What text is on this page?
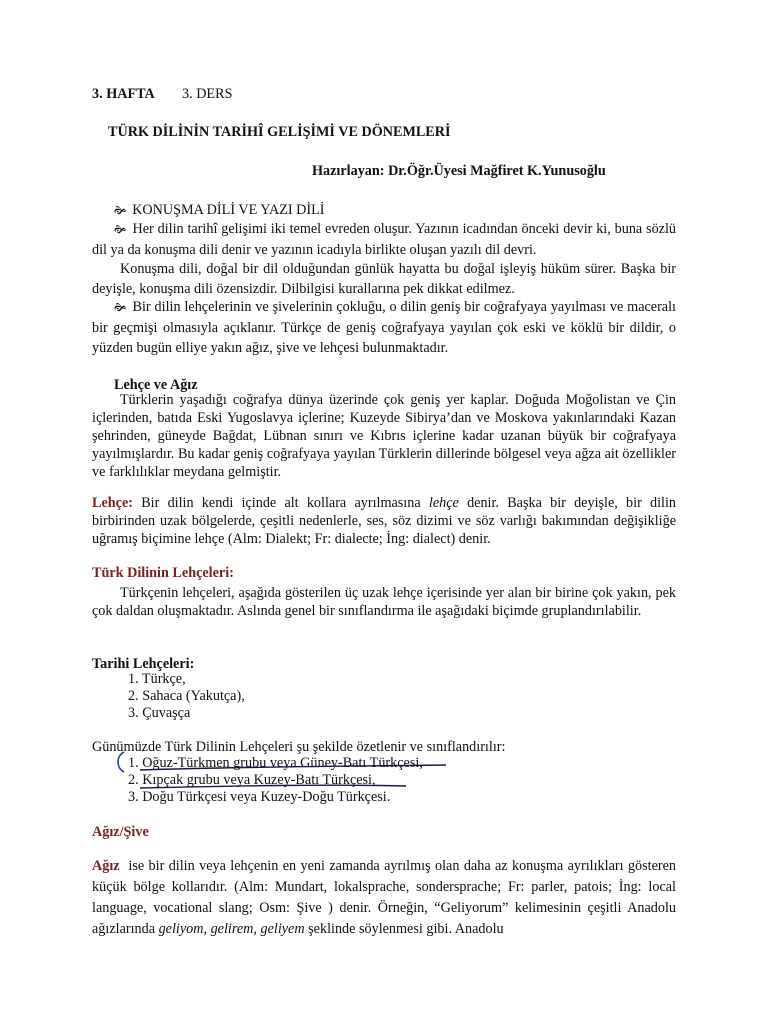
3. HAFTA 3. DERS
TÜRK DİLİNİN TARİHÎ GELİŞİMİ VE DÖNEMLERİ
Hazırlayan: Dr.Öğr.Üyesi Mağfiret K.Yunusoğlu
🙞 KONUŞMA DİLİ VE YAZI DİLİ
🙞 Her dilin tarihî gelişimi iki temel evreden oluşur. Yazının icadından önceki devir ki, buna sözlü dil ya da konuşma dili denir ve yazının icadıyla birlikte oluşan yazılı dil devri.
Konuşma dili, doğal bir dil olduğundan günlük hayatta bu doğal işleyiş hüküm sürer. Başka bir deyişle, konuşma dili özensizdir. Dilbilgisi kurallarına pek dikkat edilmez.
🙞 Bir dilin lehçelerinin ve şivelerinin çokluğu, o dilin geniş bir coğrafyaya yayılması ve maceralı bir geçmişi olmasıyla açıklanır. Türkçe de geniş coğrafyaya yayılan çok eski ve köklü bir dildir, o yüzden bugün elliye yakın ağız, şive ve lehçesi bulunmaktadır.
Lehçe ve Ağız
Türklerin yaşadığı coğrafya dünya üzerinde çok geniş yer kaplar. Doğuda Moğolistan ve Çin içlerinden, batıda Eski Yugoslavya içlerine; Kuzeyde Sibirya’dan ve Moskova yakınlarındaki Kazan şehrinden, güneyde Bağdat, Lübnan sınırı ve Kıbrıs içlerine kadar uzanan büyük bir coğrafyaya yayılmışlardır. Bu kadar geniş coğrafyaya yayılan Türklerin dillerinde bölgesel veya ağza ait özellikler ve farklılıklar meydana gelmiştir.
Lehçe: Bir dilin kendi içinde alt kollara ayrılmasına lehçe denir. Başka bir deyişle, bir dilin birbirinden uzak bölgelerde, çeşitli nedenlerle, ses, söz dizimi ve söz varlığı bakımından değişikliğe uğramış biçimine lehçe (Alm: Dialekt; Fr: dialecte; İng: dialect) denir.
Türk Dilinin Lehçeleri:
Türkçenin lehçeleri, aşağıda gösterilen üç uzak lehçe içerisinde yer alan bir birine çok yakın, pek çok daldan oluşmaktadır. Aslında genel bir sınıflandırma ile aşağıdaki biçimde gruplandırılabilir.
Tarihi Lehçeleri:
1. Türkçe,
2. Sahaca (Yakutça),
3. Çuvaşça
Günümüzde Türk Dilinin Lehçeleri şu şekilde özetlenir ve sınıflandırılır:
1. Oğuz-Türkmen grubu veya Güney-Batı Türkçesi,
2. Kıpçak grubu veya Kuzey-Batı Türkçesi,
3. Doğu Türkçesi veya Kuzey-Doğu Türkçesi.
Ağız/Şive
Ağız ise bir dilin veya lehçenin en yeni zamanda ayrılmış olan daha az konuşma ayrılıkları gösteren küçük bölge kollarıdır. (Alm: Mundart, lokalsprache, sondersprache; Fr: parler, patois; İng: local language, vocational slang; Osm: Şive ) denir. Örneğin, “Geliyorum” kelimesinin çeşitli Anadolu ağızlarında geliyom, gelirem, geliyem şeklinde söylenmesi gibi. Anadolu
